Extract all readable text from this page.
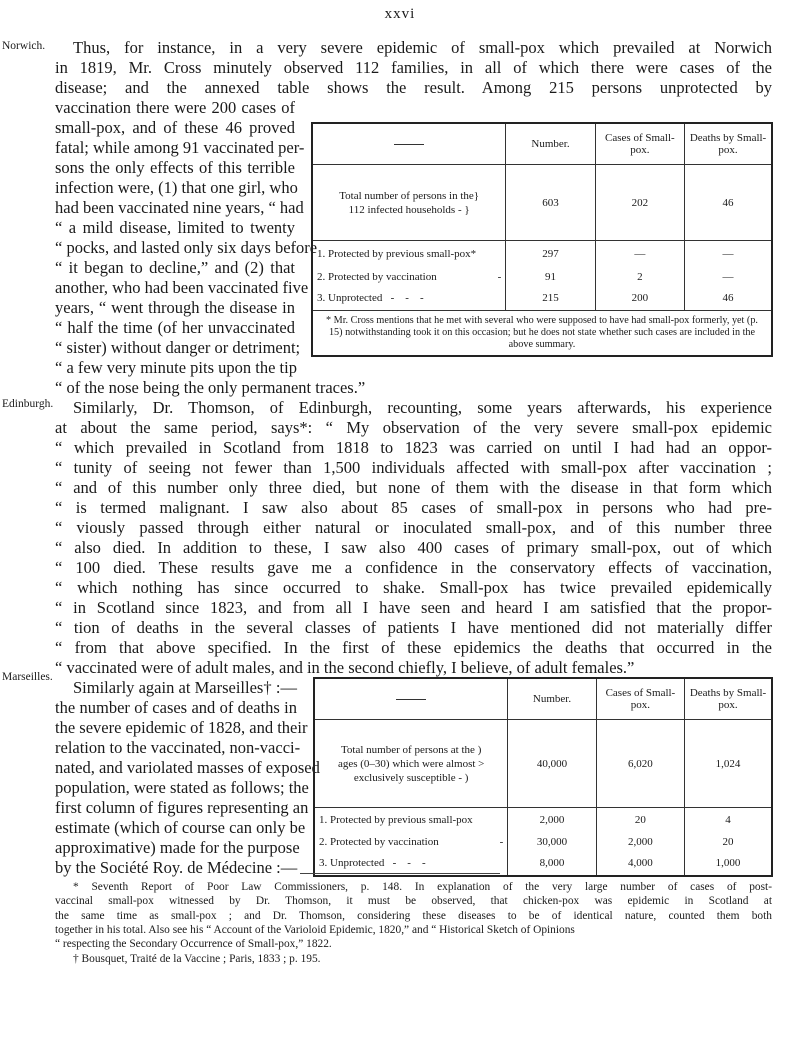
xxvi
Norwich.
Edinburgh.
Marseilles.
Thus, for instance, in a very severe epidemic of small-pox which prevailed at Norwich
in 1819, Mr. Cross minutely observed 112 families, in all of which there were cases of the
disease; and the annexed table shows the result. Among 215 persons unprotected by
vaccination there were 200 cases of
small-pox, and of these 46 proved
fatal; while among 91 vaccinated per-
sons the only effects of this terrible
infection were, (1) that one girl, who
had been vaccinated nine years, “ had
“ a mild disease, limited to twenty
“ pocks, and lasted only six days before
“ it began to decline,” and (2) that
another, who had been vaccinated five
years, “ went through the disease in
“ half the time (of her unvaccinated
“ sister) without danger or detriment;
“ a few very minute pits upon the tip
“ of the nose being the only permanent traces.”
	Number.	Cases of Small-pox.	Deaths by Small-pox.
Total number of persons in the}
112 infected households - }	603	202	46
1. Protected by previous small-pox*	297	—	—
2. Protected by vaccination -	91	2	—
3. Unprotected   -    -    -	215	200	46
* Mr. Cross mentions that he met with several who were supposed to have had small-pox formerly, yet (p. 15) notwithstanding took it on this occasion; but he does not state whether such cases are included in the above summary.			
Similarly, Dr. Thomson, of Edinburgh, recounting, some years afterwards, his experience
at about the same period, says*: “ My observation of the very severe small-pox epidemic
“ which prevailed in Scotland from 1818 to 1823 was carried on until I had had an oppor-
“ tunity of seeing not fewer than 1,500 individuals affected with small-pox after vaccination ;
“ and of this number only three died, but none of them with the disease in that form which
“ is termed malignant. I saw also about 85 cases of small-pox in persons who had pre-
“ viously passed through either natural or inoculated small-pox, and of this number three
“ also died. In addition to these, I saw also 400 cases of primary small-pox, out of which
“ 100 died. These results gave me a confidence in the conservatory effects of vaccination,
“ which nothing has since occurred to shake. Small-pox has twice prevailed epidemically
“ in Scotland since 1823, and from all I have seen and heard I am satisfied that the propor-
“ tion of deaths in the several classes of patients I have mentioned did not materially differ
“ from that above specified. In the first of these epidemics the deaths that occurred in the
“ vaccinated were of adult males, and in the second chiefly, I believe, of adult females.”
Similarly again at Marseilles† :—
the number of cases and of deaths in
the severe epidemic of 1828, and their
relation to the vaccinated, non-vacci-
nated, and variolated masses of exposed
population, were stated as follows; the
first column of figures representing an
estimate (which of course can only be
approximative) made for the purpose
by the Société Roy. de Médecine :—
	Number.	Cases of Small-pox.	Deaths by Small-pox.
Total number of persons at the )
ages (0–30) which were almost >
exclusively susceptible - )	40,000	6,020	1,024
1. Protected by previous small-pox	2,000	20	4
2. Protected by vaccination -	30,000	2,000	20
3. Unprotected   -    -    -	8,000	4,000	1,000
* Seventh Report of Poor Law Commissioners, p. 148. In explanation of the very large number of cases of post-
vaccinal small-pox witnessed by Dr. Thomson, it must be observed, that chicken-pox was epidemic in Scotland at
the same time as small-pox ; and Dr. Thomson, considering these diseases to be of identical nature, counted them both
together in his total. Also see his “ Account of the Varioloid Epidemic, 1820,” and “ Historical Sketch of Opinions
“ respecting the Secondary Occurrence of Small-pox,” 1822.
† Bousquet, Traité de la Vaccine ; Paris, 1833 ; p. 195.
